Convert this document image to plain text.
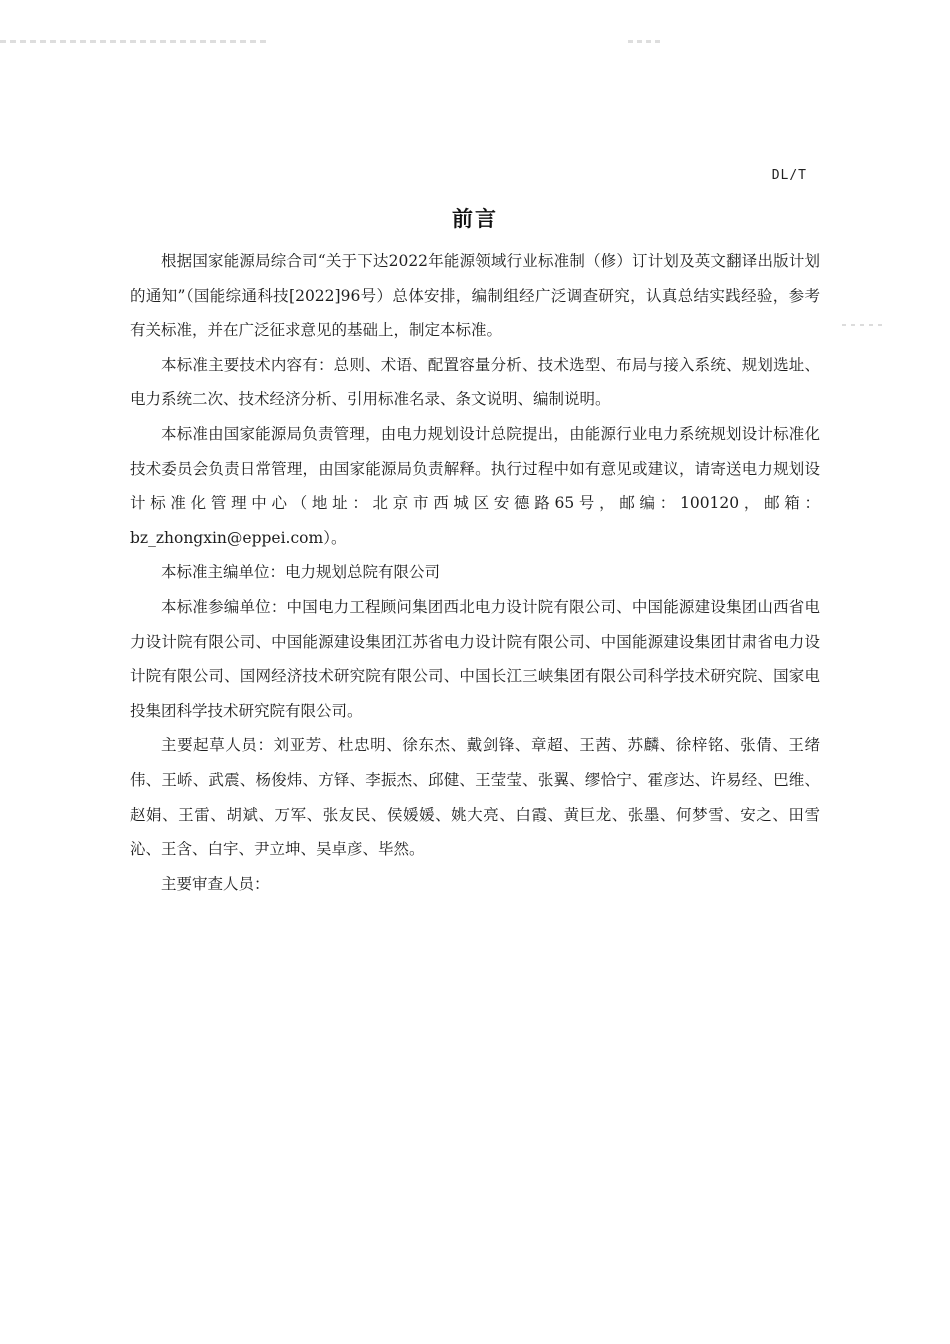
DL/T
前言

根据国家能源局综合司“关于下达2022年能源领域行业标准制（修）订计划及英文翻译出版计划的通知”（国能综通科技[2022]96号）总体安排，编制组经广泛调查研究，认真总结实践经验，参考有关标准，并在广泛征求意见的基础上，制定本标准。

本标准主要技术内容有：总则、术语、配置容量分析、技术选型、布局与接入系统、规划选址、电力系统二次、技术经济分析、引用标准名录、条文说明、编制说明。

本标准由国家能源局负责管理，由电力规划设计总院提出，由能源行业电力系统规划设计标准化技术委员会负责日常管理，由国家能源局负责解释。执行过程中如有意见或建议，请寄送电力规划设计标准化管理中心（地址：北京市西城区安德路65号，邮编：100120，邮箱：bz_zhongxin@eppei.com）。

本标准主编单位：电力规划总院有限公司

本标准参编单位：中国电力工程顾问集团西北电力设计院有限公司、中国能源建设集团山西省电力设计院有限公司、中国能源建设集团江苏省电力设计院有限公司、中国能源建设集团甘肃省电力设计院有限公司、国网经济技术研究院有限公司、中国长江三峡集团有限公司科学技术研究院、国家电投集团科学技术研究院有限公司。

主要起草人员：刘亚芳、杜忠明、徐东杰、戴剑锋、章超、王茜、苏麟、徐梓铭、张倩、王绪伟、王峤、武震、杨俊炜、方铎、李振杰、邱健、王莹莹、张翼、缪恰宁、霍彦达、许易经、巴维、赵娟、王雷、胡斌、万军、张友民、侯媛媛、姚大亮、白霞、黄巨龙、张墨、何梦雪、安之、田雪沁、王含、白宇、尹立坤、吴卓彦、毕然。

主要审查人员：
